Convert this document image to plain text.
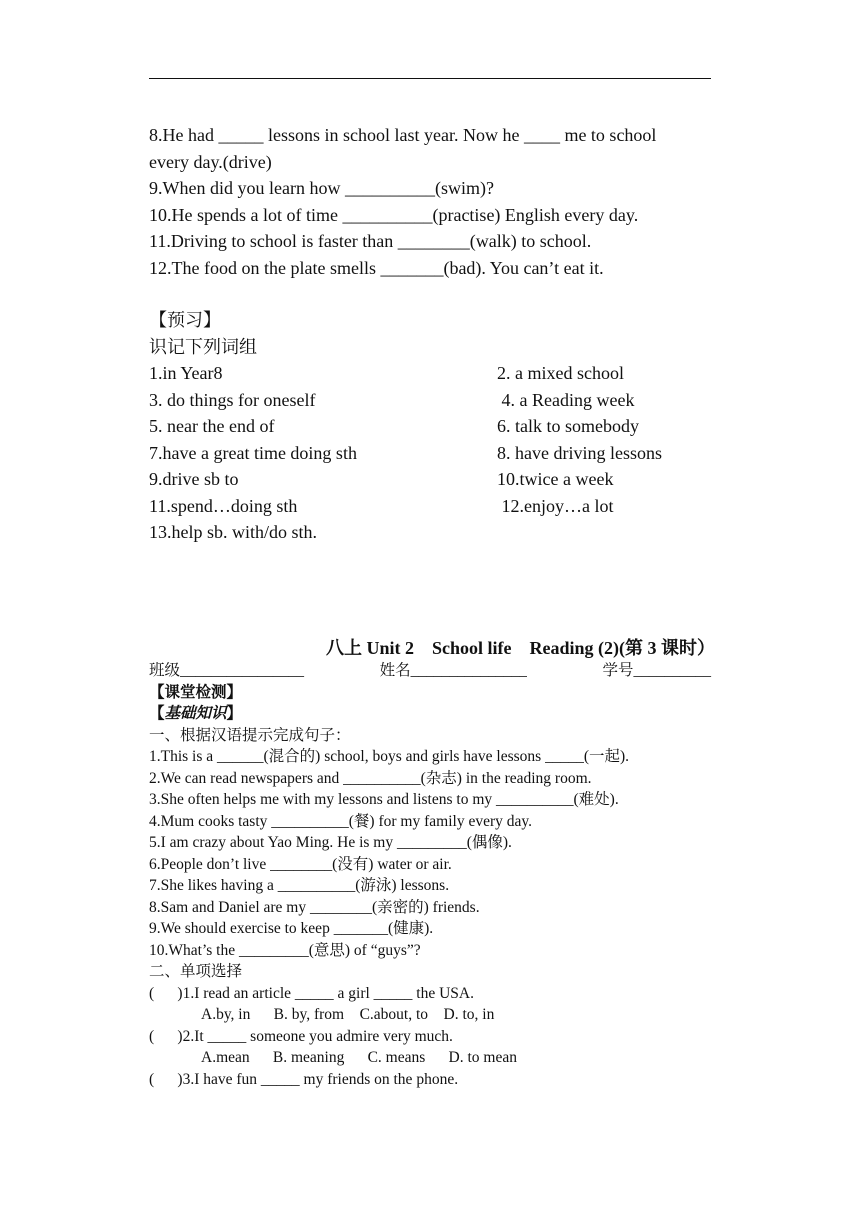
8.He had _____ lessons in school last year. Now he ____ me to school
every day.(drive)
9.When did you learn how __________(swim)?
10.He spends a lot of time __________(practise) English every day.
11.Driving to school is faster than ________(walk) to school.
12.The food on the plate smells _______(bad). You can’t eat it.
【预习】
识记下列词组
1.in Year8	2. a mixed school
3. do things for oneself	4. a Reading week
5. near the end of	6. talk to somebody
7.have a great time doing sth	8. have driving lessons
9.drive sb to	10.twice a week
11.spend…doing sth	12.enjoy…a lot
13.help sb. with/do sth.
八上 Unit 2    School life    Reading (2)(第 3 课时）
班级________________	姓名_______________	学号__________
【课堂检测】
【基础知识】
一、根据汉语提示完成句子：
1.This is a ______(混合的) school, boys and girls have lessons _____(一起).
2.We can read newspapers and __________(杂志) in the reading room.
3.She often helps me with my lessons and listens to my __________(难处).
4.Mum cooks tasty __________(餐) for my family every day.
5.I am crazy about Yao Ming. He is my _________(偶像).
6.People don’t live ________(没有) water or air.
7.She likes having a __________(游泳) lessons.
8.Sam and Daniel are my ________(亲密的) friends.
9.We should exercise to keep _______(健康).
10.What’s the _________(意思) of “guys”?
二、单项选择
(      )1.I read an article _____ a girl _____ the USA.
A.by, in      B. by, from    C.about, to    D. to, in
(      )2.It _____ someone you admire very much.
A.mean      B. meaning      C. means      D. to mean
(      )3.I have fun _____ my friends on the phone.
